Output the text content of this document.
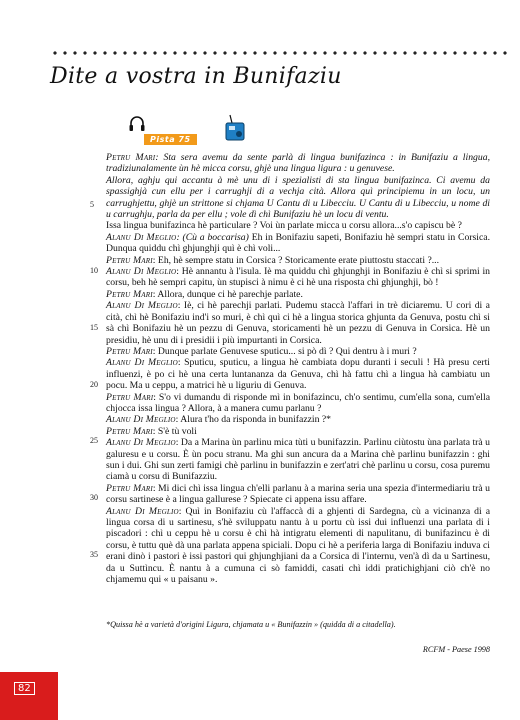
Dite a vostra in Bunifaziu
Pista 75
5
10
15
20
25
30
35

Petru Mari: Sta sera avemu da sente parlà di lingua bunifazinca : in Bunifaziu a lingua, tradiziunalamente ùn hè micca corsu, ghjè una lingua ligura : u genuvese.

Allora, aghju qui accantu à mè unu di i spezialisti di sta lingua bunifazinca. Ci avemu da spassighjà cun ellu per i carrughji di a vechja cità. Allora quì principiemu in un locu, un carrughjettu, ghjè un strittone si chjama U Cantu di u Libecciu. U Cantu di u Libecciu, u nome di u carrughju, parla da per ellu ; vole dì chì Bunifaziu hè un locu di ventu.

Issa lingua bunifazinca hè particulare ? Voi ùn parlate micca u corsu allora...s'o capiscu bè ?

Alanu Di Meglio: (Cù a boccarisa) Eh in Bonifaziu sapeti, Bonifaziu hè sempri statu in Corsica. Dunqua quiddu chì ghjunghji quì è chì voli...

Petru Mari: Eh, hè sempre statu in Corsica ? Storicamente erate piuttostu staccati ?...

Alanu Di Meglio: Hè annantu à l'isula. Iè ma quiddu chì ghjunghji in Bonifaziu è chì si sprimi in corsu, beh hè sempri capitu, ùn stupisci à nimu è ci hè una risposta chì ghjunghji, bò !

Petru Mari: Allora, dunque ci hè parechje parlate.

Alanu Di Meglio: Iè, ci hè parechji parlati. Pudemu staccà l'affari in trè diciaremu. U cori di a cità, chì hè Bonifaziu ind'i so muri, è chì quì ci hè a lingua storica ghjunta da Genuva, postu chì si sà chì Bonifaziu hè un pezzu di Genuva, storicamenti hè un pezzu di Genuva in Corsica. Hè un presidiu, hè unu di i presidii i più impurtanti in Corsica.

Petru Mari: Dunque parlate Genuvese sputicu... si pò dì ? Qui dentru à i muri ?

Alanu Di Meglio: Sputicu, sputicu, a lingua hè cambiata dopu duranti i seculi ! Hà presu certi influenzi, è po ci hè una certa luntananza da Genuva, chì hà fattu chì a lingua hà cambiatu un pocu. Ma u ceppu, a matrici hè u liguriu di Genuva.

Petru Mari: S'o vi dumandu di risponde mì in bonifazincu, ch'o sentimu, cum'ella sona, cum'ella chjocca issa lingua ? Allora, à a manera cumu parlanu ?

Alanu Di Meglio: Alura t'ho da risponda in bunifazzin ?*

Petru Mari: S'è tù voli

Alanu Di Meglio: Da a Marina ùn parlinu mica tùti u bunifazzin. Parlinu ciùtostu ùna parlata trà u galuresu e u corsu. È ùn pocu stranu. Ma ghi sun ancura da a Marina chè parlinu bunifazzin : ghi sun i dui. Ghi sun zerti famigi chè parlinu in bunifazzin e zert'atri chè parlinu u corsu, cosa puremu ciamà u corsu di Bunifazziu.

Petru Mari: Mi dici chì issa lingua ch'elli parlanu à a marina seria una spezia d'intermediariu trà u corsu sartinese è a lingua gallurese ? Spiecate ci appena issu affare.

Alanu Di Meglio: Quì in Bonifaziu cù l'affaccà di a ghjenti di Sardegna, cù a vicinanza di a lingua corsa di u sartinesu, s'hè sviluppatu nantu à u portu cù issi dui influenzi una parlata di i piscadori : chì u ceppu hè u corsu è chì hà intigratu elementi di napulitanu, di bunifazincu è di corsu, è tuttu què dà una parlata appena spiciali. Dopu ci hè a periferia larga di Bonifaziu induva ci erani dinò i pastori è issi pastori qui ghjunghjiani da a Corsica di l'internu, ven'à dì da u Sartinesu, da u Suttìncu. È nantu à a cumuna ci sò famiddi, casati chì iddi pratichighjani ciò ch'è no chjamemu qui « u paisanu ».

*Quissa hè a varietà d'origini Ligura, chjamata u « Bunifazzin » (quidda di a citadella).
RCFM - Paese 1998
82
